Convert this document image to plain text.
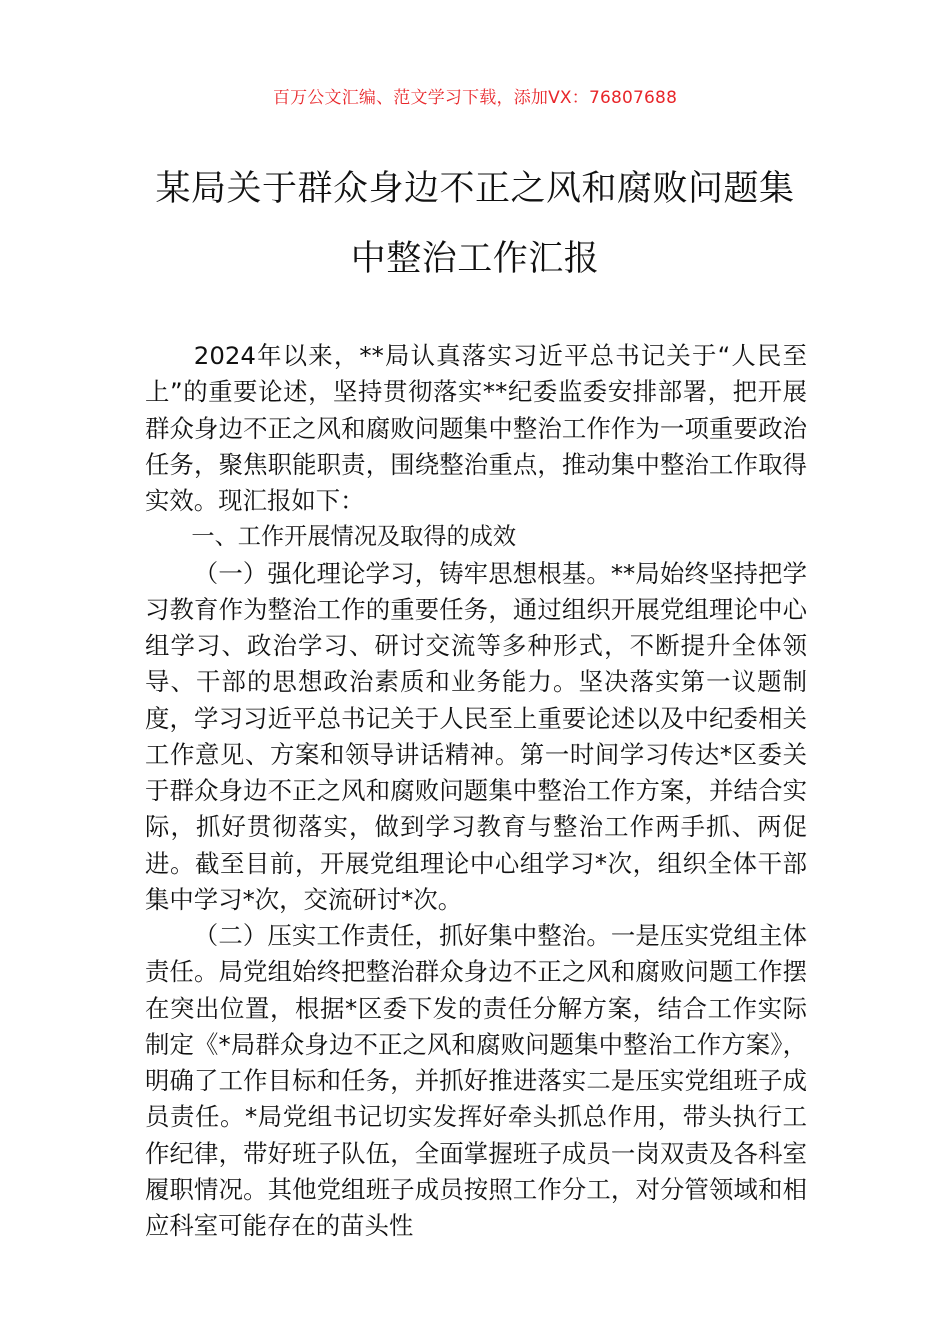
百万公文汇编、范文学习下载，添加VX：76807688
某局关于群众身边不正之风和腐败问题集
中整治工作汇报

2024年以来，**局认真落实习近平总书记关于“人民至上”的重要论述，坚持贯彻落实**纪委监委安排部署，把开展群众身边不正之风和腐败问题集中整治工作作为一项重要政治任务，聚焦职能职责，围绕整治重点，推动集中整治工作取得实效。现汇报如下：

一、工作开展情况及取得的成效

（一）强化理论学习，铸牢思想根基。**局始终坚持把学习教育作为整治工作的重要任务，通过组织开展党组理论中心组学习、政治学习、研讨交流等多种形式，不断提升全体领导、干部的思想政治素质和业务能力。坚决落实第一议题制度，学习习近平总书记关于人民至上重要论述以及中纪委相关工作意见、方案和领导讲话精神。第一时间学习传达*区委关于群众身边不正之风和腐败问题集中整治工作方案，并结合实际，抓好贯彻落实，做到学习教育与整治工作两手抓、两促进。截至目前，开展党组理论中心组学习*次，组织全体干部集中学习*次，交流研讨*次。

（二）压实工作责任，抓好集中整治。一是压实党组主体责任。局党组始终把整治群众身边不正之风和腐败问题工作摆在突出位置，根据*区委下发的责任分解方案，结合工作实际制定《*局群众身边不正之风和腐败问题集中整治工作方案》，明确了工作目标和任务，并抓好推进落实二是压实党组班子成员责任。*局党组书记切实发挥好牵头抓总作用，带头执行工作纪律，带好班子队伍，全面掌握班子成员一岗双责及各科室履职情况。其他党组班子成员按照工作分工，对分管领域和相应科室可能存在的苗头性
